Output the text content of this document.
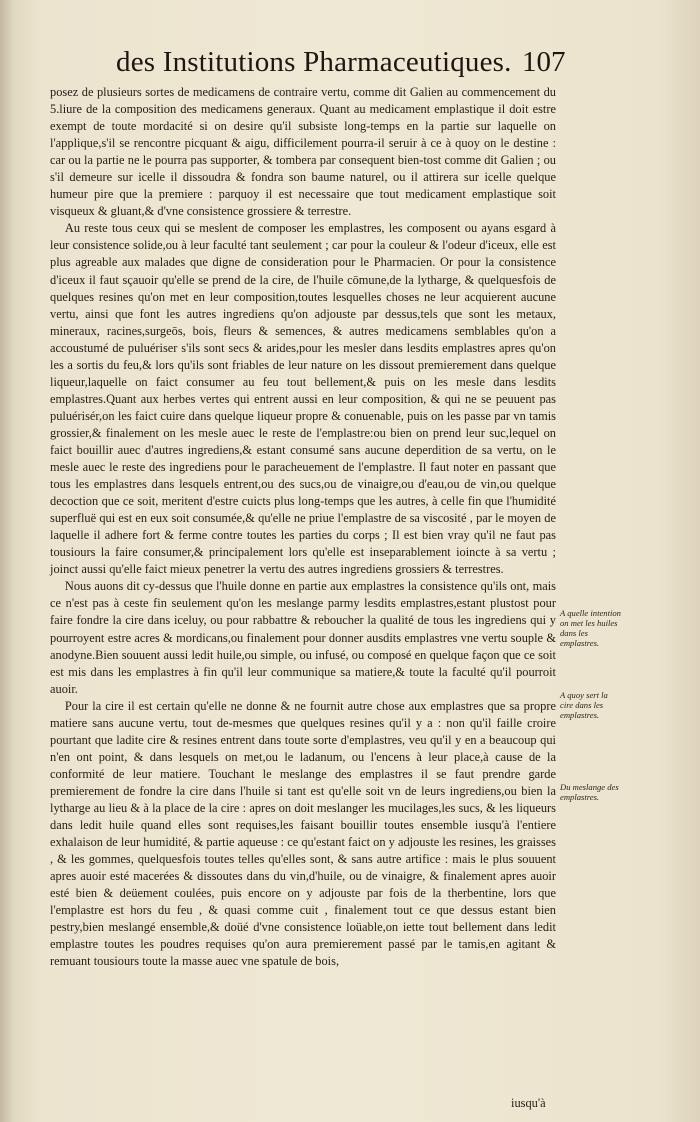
des Institutions Pharmaceutiques. 107

posez de plusieurs sortes de medicamens de contraire vertu, comme dit Galien au commencement du 5.liure de la composition des medicamens generaux. Quant au medicament emplastique il doit estre exempt de toute mordacité si on desire qu'il subsiste long-temps en la partie sur laquelle on l'applique,s'il se rencontre picquant & aigu, difficilement pourra-il seruir à ce à quoy on le destine : car ou la partie ne le pourra pas supporter, & tombera par consequent bien-tost comme dit Galien ; ou s'il demeure sur icelle il dissoudra & fondra son baume naturel, ou il attirera sur icelle quelque humeur pire que la premiere : parquoy il est necessaire que tout medicament emplastique soit visqueux & gluant,& d'vne consistence grossiere & terrestre.

Au reste tous ceux qui se meslent de composer les emplastres, les composent ou ayans esgard à leur consistence solide,ou à leur faculté tant seulement ; car pour la couleur & l'odeur d'iceux, elle est plus agreable aux malades que digne de consideration pour le Pharmacien. Or pour la consistence d'iceux il faut sçauoir qu'elle se prend de la cire, de l'huile cōmune,de la lytharge, & quelquesfois de quelques resines qu'on met en leur composition,toutes lesquelles choses ne leur acquierent aucune vertu, ainsi que font les autres ingrediens qu'on adjouste par dessus,tels que sont les metaux, mineraux, racines,surgeōs, bois, fleurs & semences, & autres medicamens semblables qu'on a accoustumé de puluériser s'ils sont secs & arides,pour les mesler dans lesdits emplastres apres qu'on les a sortis du feu,& lors qu'ils sont friables de leur nature on les dissout premierement dans quelque liqueur,laquelle on faict consumer au feu tout bellement,& puis on les mesle dans lesdits emplastres.Quant aux herbes vertes qui entrent aussi en leur composition, & qui ne se peuuent pas puluérisér,on les faict cuire dans quelque liqueur propre & conuenable, puis on les passe par vn tamis grossier,& finalement on les mesle auec le reste de l'emplastre:ou bien on prend leur suc,lequel on faict bouillir auec d'autres ingrediens,& estant consumé sans aucune deperdition de sa vertu, on le mesle auec le reste des ingrediens pour le paracheuement de l'emplastre. Il faut noter en passant que tous les emplastres dans lesquels entrent,ou des sucs,ou de vinaigre,ou d'eau,ou de vin,ou quelque decoction que ce soit, meritent d'estre cuicts plus long-temps que les autres, à celle fin que l'humidité superfluë qui est en eux soit consumée,& qu'elle ne priue l'emplastre de sa viscosité , par le moyen de laquelle il adhere fort & ferme contre toutes les parties du corps ; Il est bien vray qu'il ne faut pas tousiours la faire consumer,& principalement lors qu'elle est inseparablement ioincte à sa vertu ; joinct aussi qu'elle faict mieux penetrer la vertu des autres ingrediens grossiers & terrestres.

Nous auons dit cy-dessus que l'huile donne en partie aux emplastres la consistence qu'ils ont, mais ce n'est pas à ceste fin seulement qu'on les meslange parmy lesdits emplastres,estant plustost pour faire fondre la cire dans iceluy, ou pour rabbattre & reboucher la qualité de tous les ingrediens qui y pourroyent estre acres & mordicans,ou finalement pour donner ausdits emplastres vne vertu souple & anodyne.Bien souuent aussi ledit huile,ou simple, ou infusé, ou composé en quelque façon que ce soit est mis dans les emplastres à fin qu'il leur communique sa matiere,& toute la faculté qu'il pourroit auoir.

Pour la cire il est certain qu'elle ne donne & ne fournit autre chose aux emplastres que sa propre matiere sans aucune vertu, tout de-mesmes que quelques resines qu'il y a : non qu'il faille croire pourtant que ladite cire & resines entrent dans toute sorte d'emplastres, veu qu'il y en a beaucoup qui n'en ont point, & dans lesquels on met,ou le ladanum, ou l'encens à leur place,à cause de la conformité de leur matiere. Touchant le meslange des emplastres il se faut prendre garde premierement de fondre la cire dans l'huile si tant est qu'elle soit vn de leurs ingrediens,ou bien la lytharge au lieu & à la place de la cire : apres on doit meslanger les mucilages,les sucs, & les liqueurs dans ledit huile quand elles sont requises,les faisant bouillir toutes ensemble iusqu'à l'entiere exhalaison de leur humidité, & partie aqueuse : ce qu'estant faict on y adjouste les resines, les graisses , & les gommes, quelquesfois toutes telles qu'elles sont, & sans autre artifice : mais le plus souuent apres auoir esté macerées & dissoutes dans du vin,d'huile, ou de vinaigre, & finalement apres auoir esté bien & deüement coulées, puis encore on y adjouste par fois de la therbentine, lors que l'emplastre est hors du feu , & quasi comme cuit , finalement tout ce que dessus estant bien pestry,bien meslangé ensemble,& doüé d'vne consistence loüable,on iette tout bellement dans ledit emplastre toutes les poudres requises qu'on aura premierement passé par le tamis,en agitant & remuant tousiours toute la masse auec vne spatule de bois,

A quelle intention on met les huiles dans les emplastres.
A quoy sert la cire dans les emplastres.
Du meslange des emplastres.
iusqu'à
